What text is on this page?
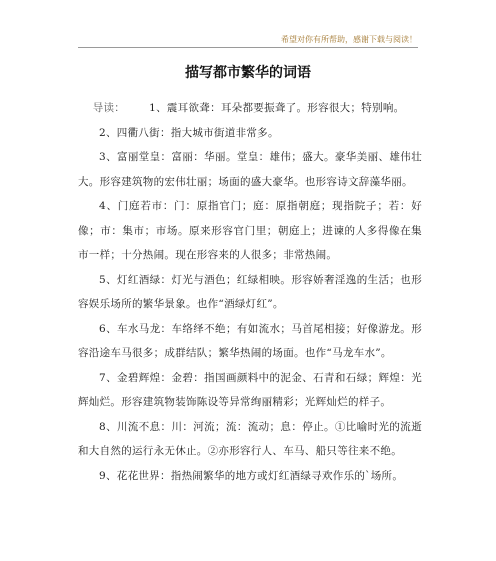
希望对你有所帮助，感谢下载与阅读！
描写都市繁华的词语

导读： 1、震耳欲聋：耳朵都要振聋了。形容很大；特别响。

2、四衢八街：指大城市街道非常多。

3、富丽堂皇：富丽：华丽。堂皇：雄伟；盛大。豪华美丽、雄伟壮大。形容建筑物的宏伟壮丽；场面的盛大豪华。也形容诗文辞藻华丽。

4、门庭若市：门：原指官门；庭：原指朝庭；现指院子；若：好像；市：集市；市场。原来形容官门里；朝庭上；进谏的人多得像在集市一样；十分热闹。现在形容来的人很多；非常热闹。

5、灯红酒绿：灯光与酒色；红绿相映。形容娇奢淫逸的生活；也形容娱乐场所的繁华景象。也作“酒绿灯红”。

6、车水马龙：车络绎不绝；有如流水；马首尾相接；好像游龙。形容沿途车马很多；成群结队；繁华热闹的场面。也作“马龙车水”。

7、金碧辉煌：金碧：指国画颜料中的泥金、石青和石绿；辉煌：光辉灿烂。形容建筑物装饰陈设等异常绚丽精彩；光辉灿烂的样子。

8、川流不息：川：河流；流：流动；息：停止。①比喻时光的流逝和大自然的运行永无休止。②亦形容行人、车马、船只等往来不绝。

9、花花世界：指热闹繁华的地方或灯红酒绿寻欢作乐的`场所。
